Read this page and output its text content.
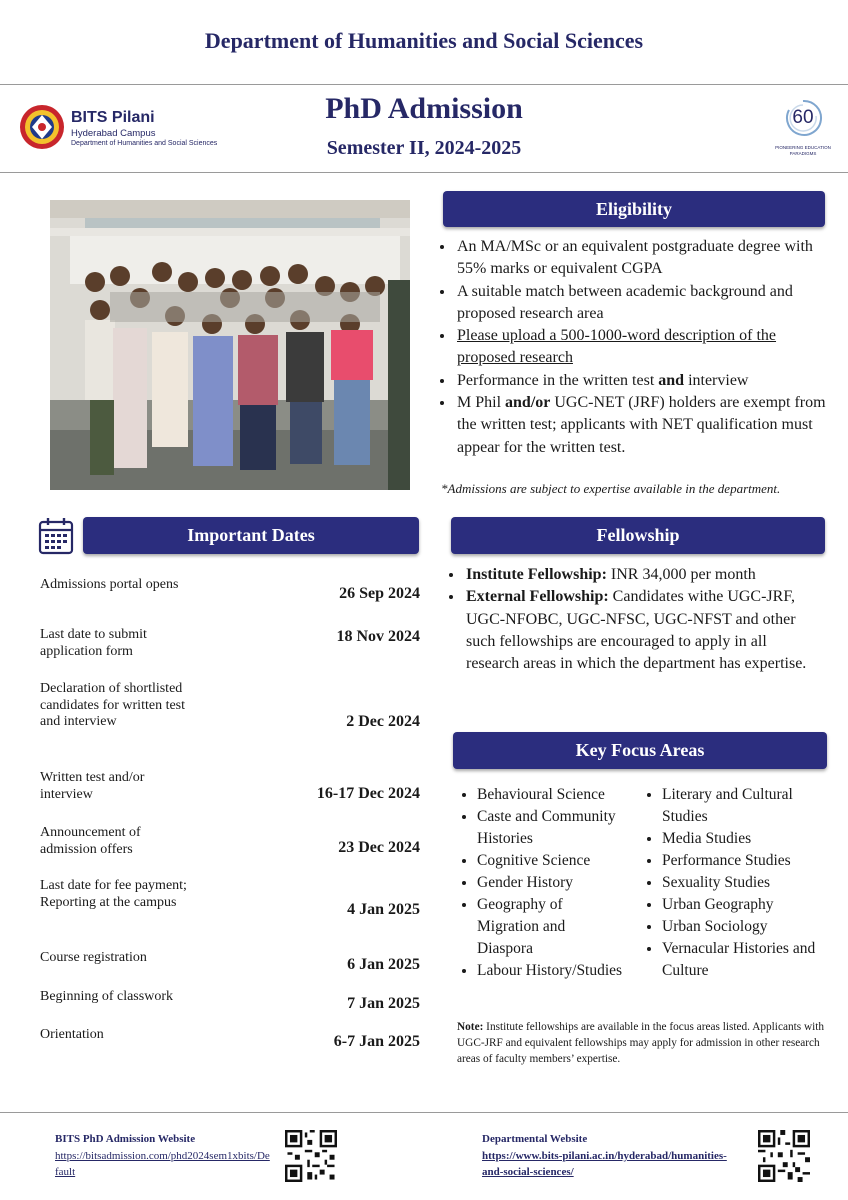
Department of Humanities and Social Sciences
BITS Pilani
Hyderabad Campus
Department of Humanities and Social Sciences
PhD Admission
Semester II, 2024-2025
60
PIONEERING EDUCATION PARADIGMS
Eligibility
• An MA/MSc or an equivalent postgraduate degree with 55% marks or equivalent CGPA
• A suitable match between academic background and proposed research area
• Please upload a 500-1000-word description of the proposed research
• Performance in the written test and interview
• M Phil and/or UGC-NET (JRF) holders are exempt from the written test; applicants with NET qualification must appear for the written test.
*Admissions are subject to expertise available in the department.
Important Dates
Admissions portal opens
26 Sep 2024
Last date to submit application form
18 Nov 2024
Declaration of shortlisted candidates for written test and interview	2 Dec 2024
Written test and/or interview	16-17 Dec 2024
Announcement of admission offers	23 Dec 2024
Last date for fee payment; Reporting at the campus	4 Jan 2025
Course registration	6 Jan 2025
Beginning of classwork	7 Jan 2025
Orientation	6-7 Jan 2025
Fellowship
• Institute Fellowship: INR 34,000 per month
• External Fellowship: Candidates withe UGC-JRF, UGC-NFOBC, UGC-NFSC, UGC-NFST and other such fellowships are encouraged to apply in all research areas in which the department has expertise.
Key Focus Areas
• Behavioural Science
• Caste and Community Histories
• Cognitive Science
• Gender History
• Geography of Migration and Diaspora
• Labour History/Studies
• Literary and Cultural Studies
• Media Studies
• Performance Studies
• Sexuality Studies
• Urban Geography
• Urban Sociology
• Vernacular Histories and Culture
Note: Institute fellowships are available in the focus areas listed. Applicants with UGC-JRF and equivalent fellowships may apply for admission in other research areas of faculty members’ expertise.
BITS PhD Admission Website
https://bitsadmission.com/phd2024sem1xbits/Default
Departmental Website
https://www.bits-pilani.ac.in/hyderabad/humanities-and-social-sciences/
